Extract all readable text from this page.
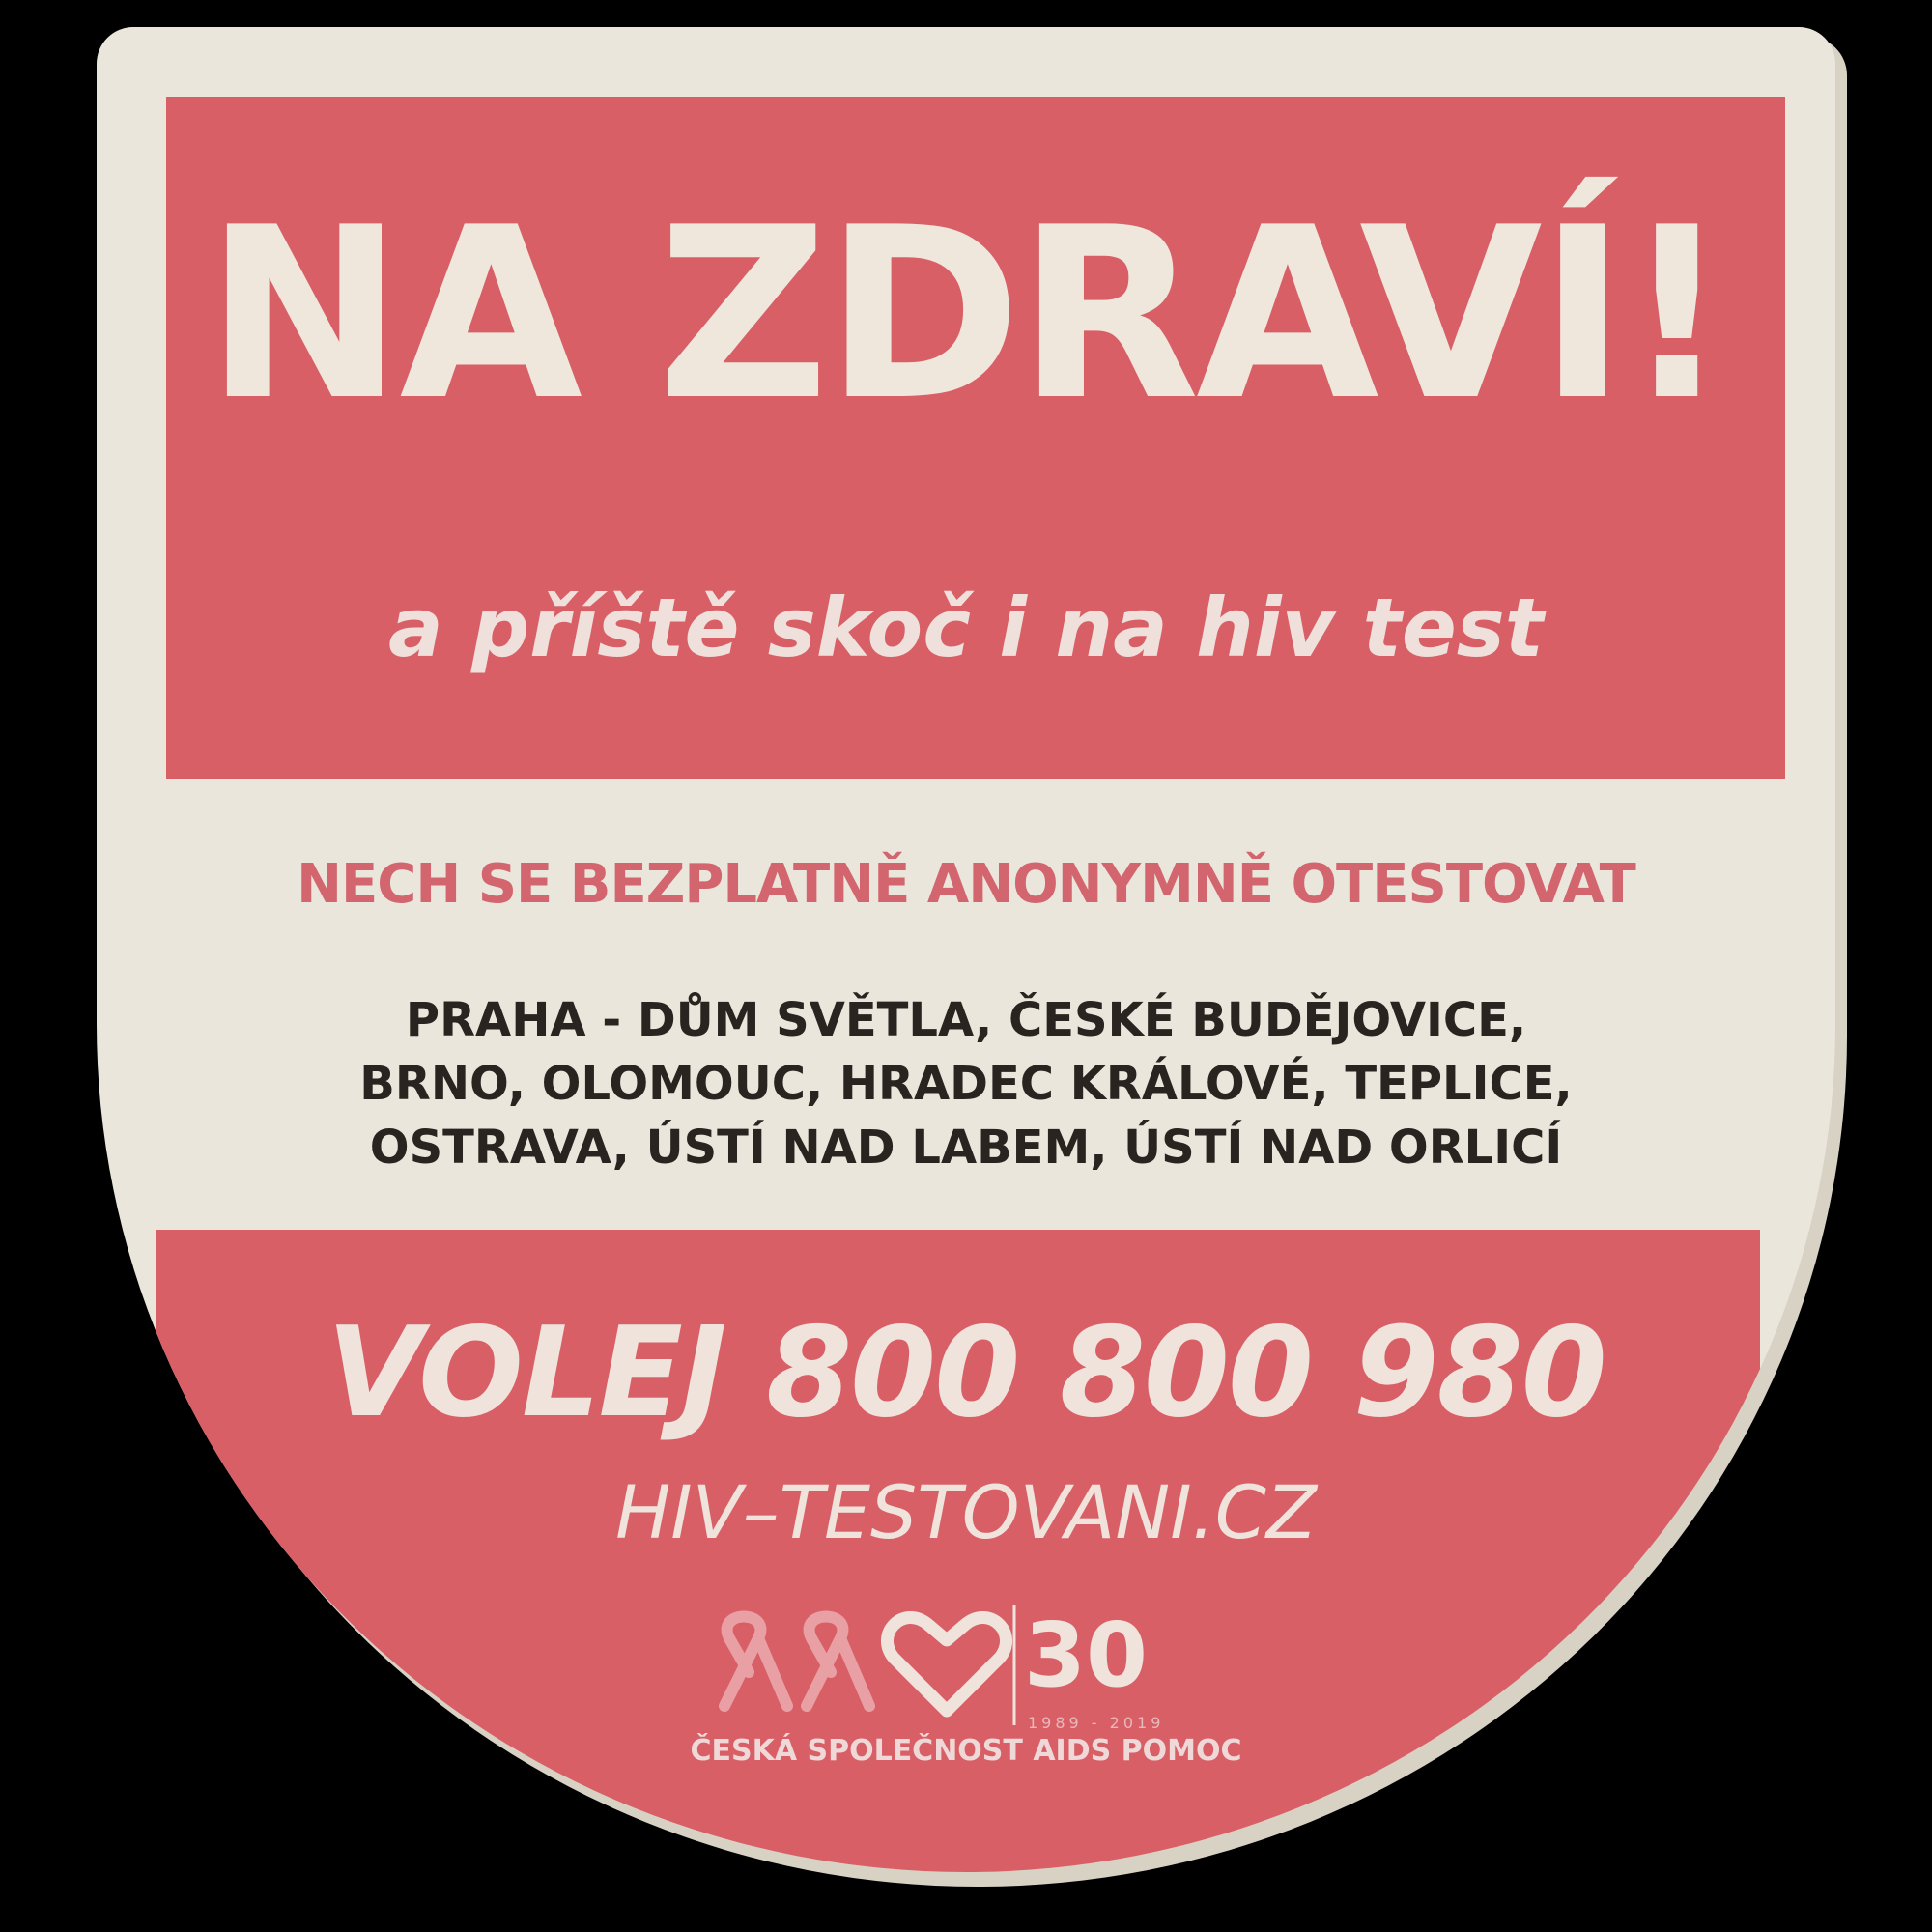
NA ZDRAVÍ!
a příště skoč i na hiv test
NECH SE BEZPLATNĚ ANONYMNĚ OTESTOVAT
PRAHA - DŮM SVĚTLA, ČESKÉ BUDĚJOVICE,
BRNO, OLOMOUC, HRADEC KRÁLOVÉ, TEPLICE,
OSTRAVA, ÚSTÍ NAD LABEM, ÚSTÍ NAD ORLICÍ
VOLEJ 800 800 980
HIV–TESTOVANI.CZ
30
1989 - 2019
ČESKÁ SPOLEČNOST AIDS POMOC
